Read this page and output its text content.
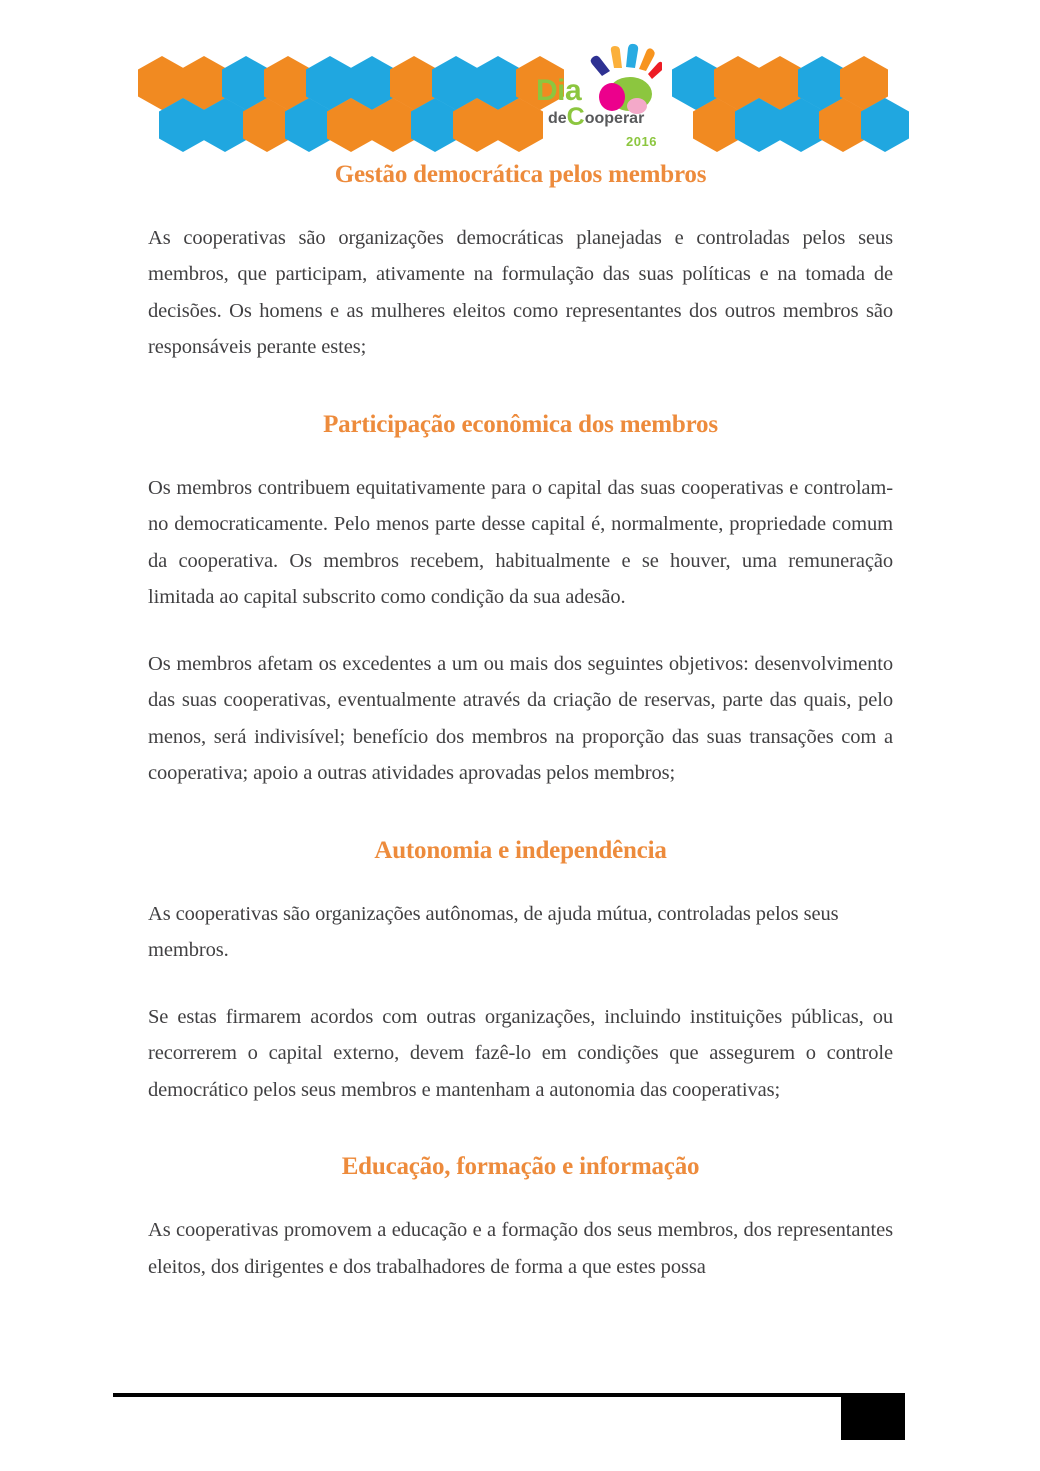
Dia
deCooperar
2016
Gestão democrática pelos membros

As cooperativas são organizações democráticas planejadas e controladas pelos seus membros, que participam, ativamente na formulação das suas políticas e na tomada de decisões. Os homens e as mulheres eleitos como representantes dos outros membros são responsáveis perante estes;

Participação econômica dos membros

Os membros contribuem equitativamente para o capital das suas cooperativas e controlam-no democraticamente. Pelo menos parte desse capital é, normalmente, propriedade comum da cooperativa. Os membros recebem, habitualmente e se houver, uma remuneração limitada ao capital subscrito como condição da sua adesão.

Os membros afetam os excedentes a um ou mais dos seguintes objetivos: desenvolvimento das suas cooperativas, eventualmente através da criação de reservas, parte das quais, pelo menos, será indivisível; benefício dos membros na proporção das suas transações com a cooperativa; apoio a outras atividades aprovadas pelos membros;

Autonomia e independência

As cooperativas são organizações autônomas, de ajuda mútua, controladas pelos seus membros.

Se estas firmarem acordos com outras organizações, incluindo instituições públicas, ou recorrerem o capital externo, devem fazê-lo em condições que assegurem o controle democrático pelos seus membros e mantenham a autonomia das cooperativas;

Educação, formação e informação

As cooperativas promovem a educação e a formação dos seus membros, dos representantes eleitos, dos dirigentes e dos trabalhadores de forma a que estes possa
